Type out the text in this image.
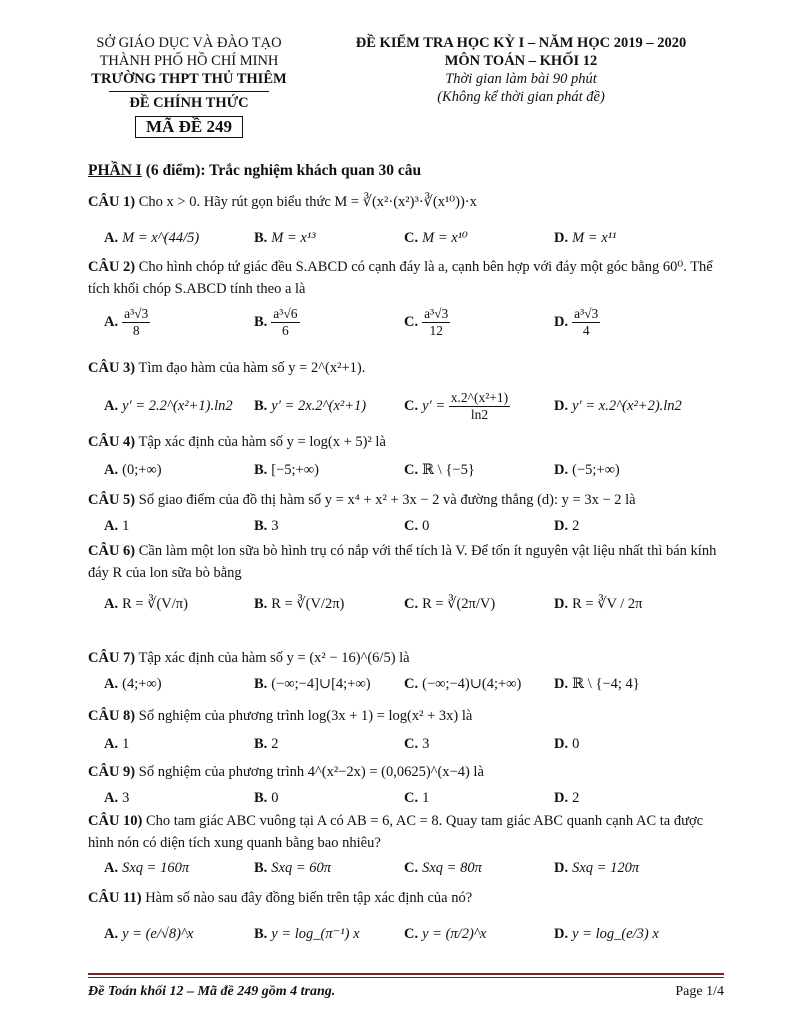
SỞ GIÁO DỤC VÀ ĐÀO TẠO
THÀNH PHỐ HỒ CHÍ MINH
TRƯỜNG THPT THỦ THIÊM
ĐỀ CHÍNH THỨC
MÃ ĐỀ 249
ĐỀ KIỂM TRA HỌC KỲ I – NĂM HỌC 2019 – 2020
MÔN TOÁN – KHỐI 12
Thời gian làm bài 90 phút
(Không kể thời gian phát đề)
PHẦN I (6 điểm): Trắc nghiệm khách quan 30 câu
CÂU 1) Cho x > 0. Hãy rút gọn biểu thức M = ∛(x²·(x²)³·∛(x¹⁰))·x
A. M = x^(44/5)	B. M = x¹³	C. M = x¹⁰	D. M = x¹¹
CÂU 2) Cho hình chóp tứ giác đều S.ABCD có cạnh đáy là a, cạnh bên hợp với đáy một góc bằng 60⁰. Thể tích khối chóp S.ABCD tính theo a là
A. $\frac{\text{a³√3}}{8}$	B. $\frac{\text{a³√6}}{6}$	C. $\frac{\text{a³√3}}{12}$	D. $\frac{\text{a³√3}}{4}$
CÂU 3) Tìm đạo hàm của hàm số y = 2^(x²+1).
A. y′ = 2.2^(x²+1).ln2 B. y′ = 2x.2^(x²+1)	C. $y' = \frac{\text{x.2\textasciicircum{}(x²+1)}}{\ln 2}$	D. y′ = x.2^(x²+2).ln2
CÂU 4) Tập xác định của hàm số y = log(x + 5)² là
A. (0;+∞)	B. [−5;+∞)	C. ℝ \ {−5}	D. (−5;+∞)
CÂU 5) Số giao điểm của đồ thị hàm số y = x⁴ + x² + 3x − 2 và đường thẳng (d): y = 3x − 2 là
A. 1	B. 3	C. 0	D. 2
CÂU 6) Cần làm một lon sữa bò hình trụ có nắp với thể tích là V. Để tốn ít nguyên vật liệu nhất thì bán kính đáy R của lon sữa bò bằng
A. R = ∛(V/π)	B. R = ∛(V/2π)	C. R = ∛(2π/V)	D. R = ∛V / 2π
CÂU 7) Tập xác định của hàm số y = (x² − 16)^(6/5) là
A. (4;+∞)	B. (−∞;−4]∪[4;+∞) C. (−∞;−4)∪(4;+∞) D. ℝ \ {−4; 4}
CÂU 8) Số nghiệm của phương trình log(3x + 1) = log(x² + 3x) là
A. 1	B. 2	C. 3	D. 0
CÂU 9) Số nghiệm của phương trình 4^(x²−2x) = (0,0625)^(x−4) là
A. 3	B. 0	C. 1	D. 2
CÂU 10) Cho tam giác ABC vuông tại A có AB = 6, AC = 8. Quay tam giác ABC quanh cạnh AC ta được hình nón có diện tích xung quanh bằng bao nhiêu?
A. Sxq = 160π	B. Sxq = 60π	C. Sxq = 80π	D. Sxq = 120π
CÂU 11) Hàm số nào sau đây đồng biến trên tập xác định của nó?
A. y = (e/√8)^x	B. y = log_(π⁻¹) x	C. y = (π/2)^x	D. y = log_(e/3) x
Đề Toán khối 12 – Mã đề 249 gồm 4 trang.	Page 1/4
